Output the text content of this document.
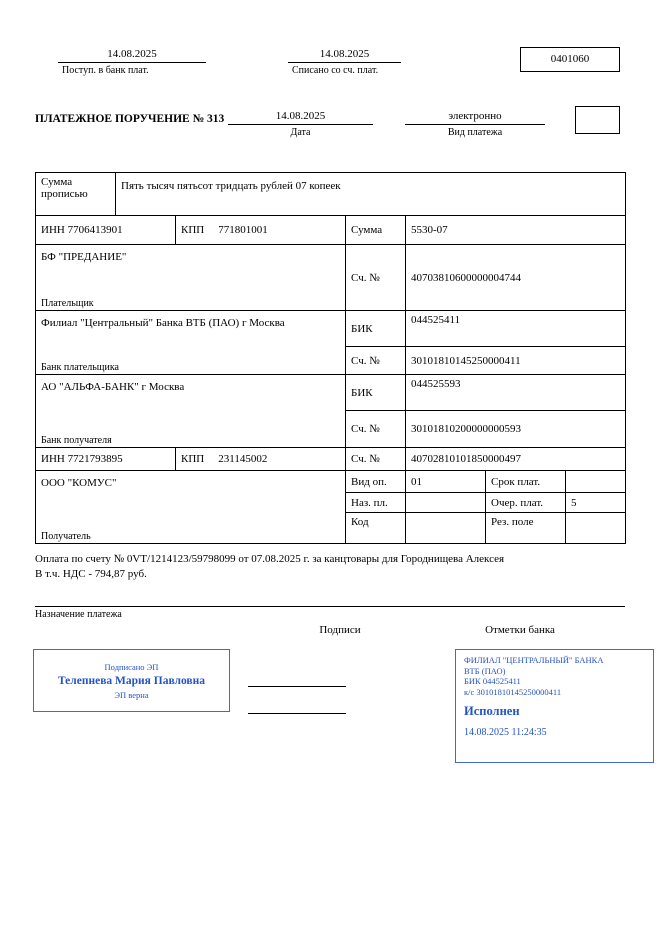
14.08.2025
Поступ. в банк плат.
14.08.2025
Списано со сч. плат.
0401060
ПЛАТЕЖНОЕ ПОРУЧЕНИЕ № 313	14.08.2025
Дата
электронно
Вид платежа
Сумма прописью	Пять тысяч пятьсот тридцать рублей 07 копеек
ИНН 7706413901	КПП 771801001	Сумма	5530-07		

БФ "ПРЕДАНИЕ"
Плательщик		Сч. №	40703810600000004744		

Филиал "Центральный" Банка ВТБ (ПАО) г Москва
Банк плательщика		БИК	044525411		
		Сч. №	30101810145250000411		

АО "АЛЬФА-БАНК" г Москва
Банк получателя		БИК	044525593		
		Сч. №	30101810200000000593		
ИНН 7721793895	КПП 231145002	Сч. №	40702810101850000497		

ООО "КОМУС"
Получатель		Вид оп.	01	Срок плат.	
		Наз. пл.		Очер. плат.	5
		Код		Рез. поле	
Оплата по счету № 0VT/1214123/59798099 от 07.08.2025 г. за канцтовары для Городнищева Алексея
В т.ч. НДС - 794,87 руб.
Назначение платежа
Подписи	Отметки банка
Подписано ЭП
Телепнева Мария Павловна
ЭП верна
ФИЛИАЛ "ЦЕНТРАЛЬНЫЙ" БАНКА
ВТБ (ПАО)
БИК 044525411
к/с 30101810145250000411
Исполнен
14.08.2025 11:24:35
